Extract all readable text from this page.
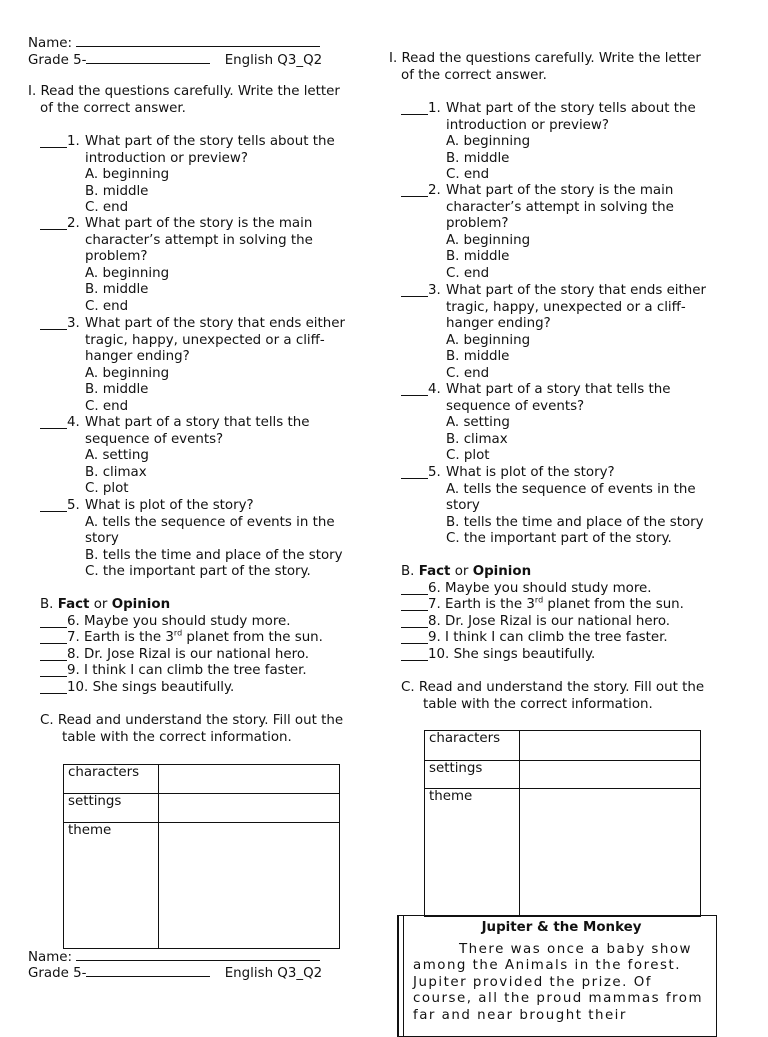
Name:
Grade 5-	English Q3_Q2
I. Read the questions carefully. Write the letter
of the correct answer.
1. What part of the story tells about the
introduction or preview?
A. beginning
B. middle
C. end
2. What part of the story is the main
character’s attempt in solving the
problem?
A. beginning
B. middle
C. end
3. What part of the story that ends either
tragic, happy, unexpected or a cliff-
hanger ending?
A. beginning
B. middle
C. end
4. What part of a story that tells the
sequence of events?
A. setting
B. climax
C. plot
5. What is plot of the story?
A. tells the sequence of events in the
story
B. tells the time and place of the story
C. the important part of the story.
B. Fact or Opinion
6. Maybe you should study more.
7. Earth is the 3rd planet from the sun.
8. Dr. Jose Rizal is our national hero.
9. I think I can climb the tree faster.
10. She sings beautifully.
C. Read and understand the story. Fill out the
table with the correct information.
characters	
settings	
theme	
Name:
Grade 5-	English Q3_Q2
I. Read the questions carefully. Write the letter
of the correct answer.
1. What part of the story tells about the
introduction or preview?
A. beginning
B. middle
C. end
2. What part of the story is the main
character’s attempt in solving the
problem?
A. beginning
B. middle
C. end
3. What part of the story that ends either
tragic, happy, unexpected or a cliff-
hanger ending?
A. beginning
B. middle
C. end
4. What part of a story that tells the
sequence of events?
A. setting
B. climax
C. plot
5. What is plot of the story?
A. tells the sequence of events in the
story
B. tells the time and place of the story
C. the important part of the story.
B. Fact or Opinion
6. Maybe you should study more.
7. Earth is the 3rd planet from the sun.
8. Dr. Jose Rizal is our national hero.
9. I think I can climb the tree faster.
10. She sings beautifully.
C. Read and understand the story. Fill out the
table with the correct information.
characters	
settings	
theme	
Jupiter & the Monkey
There was once a baby show among the Animals in the forest. Jupiter provided the prize. Of course, all the proud mammas from far and near brought their
